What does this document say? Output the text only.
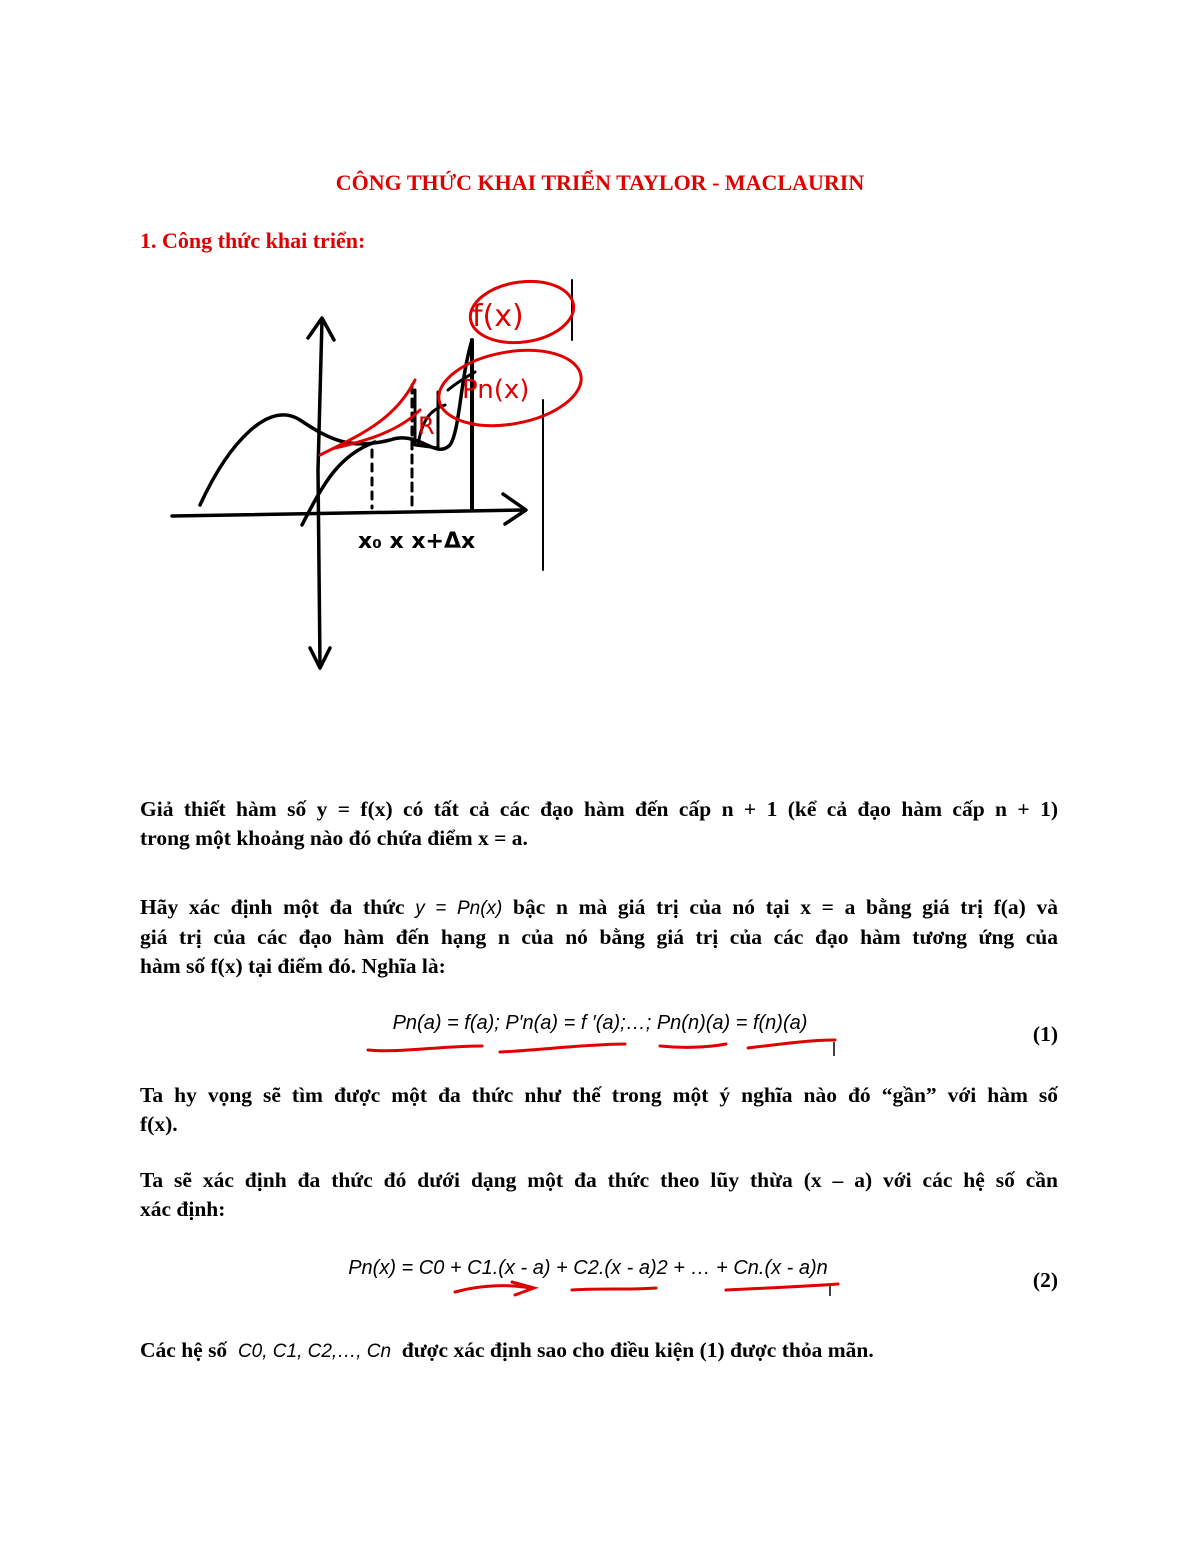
CÔNG THỨC KHAI TRIỂN TAYLOR - MACLAURIN
1. Công thức khai triển:
x₀ x x+Δx
f(x)
Pn(x)
R
Giả thiết hàm số y = f(x) có tất cả các đạo hàm đến cấp n + 1 (kể cả đạo hàm cấp n + 1)
trong một khoảng nào đó chứa điểm x = a.
Hãy xác định một đa thức y = Pn(x) bậc n mà giá trị của nó tại x = a bằng giá trị f(a) và
giá trị của các đạo hàm đến hạng n của nó bằng giá trị của các đạo hàm tương ứng của
hàm số f(x) tại điểm đó. Nghĩa là:
Pn(a) = f(a); P′n(a) = f ′(a);…; Pn(n)(a) = f(n)(a)	(1)
Ta hy vọng sẽ tìm được một đa thức như thế trong một ý nghĩa nào đó “gần” với hàm số
f(x).
Ta sẽ xác định đa thức đó dưới dạng một đa thức theo lũy thừa (x – a) với các hệ số cần
xác định:
Pn(x) = C0 + C1.(x - a) + C2.(x - a)2 + … + Cn.(x - a)n	(2)
Các hệ số C0, C1, C2,…, Cn được xác định sao cho điều kiện (1) được thỏa mãn.
